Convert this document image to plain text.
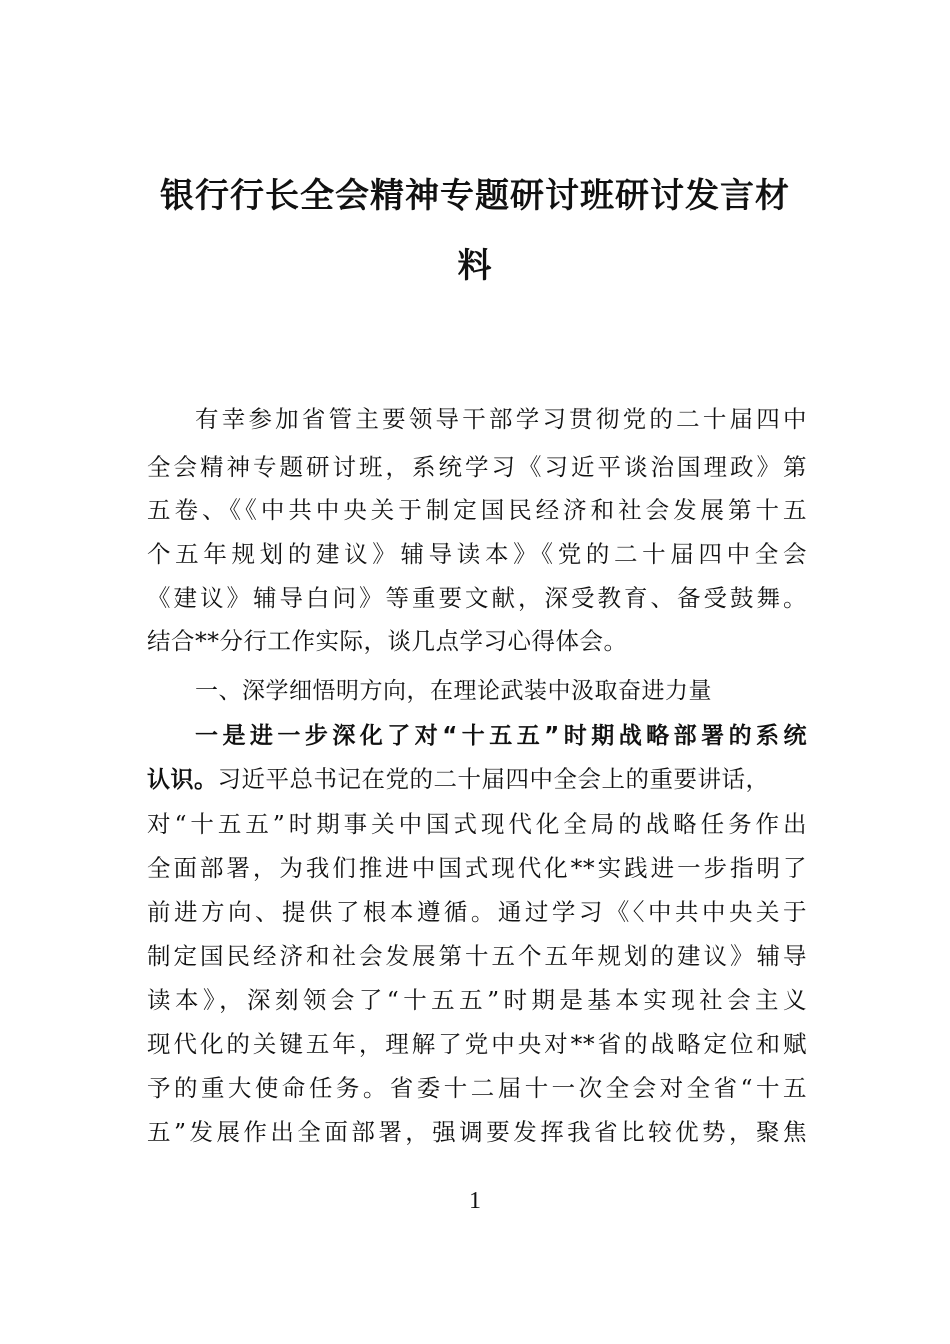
银行行长全会精神专题研讨班研讨发言材
料
有幸参加省管主要领导干部学习贯彻党的二十届四中
全会精神专题研讨班，系统学习《习近平谈治国理政》第
五卷、《《中共中央关于制定国民经济和社会发展第十五
个五年规划的建议》辅导读本》《党的二十届四中全会
《建议》辅导白问》等重要文献，深受教育、备受鼓舞。
结合**分行工作实际，谈几点学习心得体会。
一、深学细悟明方向，在理论武装中汲取奋进力量
一是进一步深化了对“十五五”时期战略部署的系统
认识。习近平总书记在党的二十届四中全会上的重要讲话，
对“十五五”时期事关中国式现代化全局的战略任务作出
全面部署，为我们推进中国式现代化**实践进一步指明了
前进方向、提供了根本遵循。通过学习《〈中共中央关于
制定国民经济和社会发展第十五个五年规划的建议》辅导
读本》，深刻领会了“十五五”时期是基本实现社会主义
现代化的关键五年，理解了党中央对**省的战略定位和赋
予的重大使命任务。省委十二届十一次全会对全省“十五
五”发展作出全面部署，强调要发挥我省比较优势，聚焦
1
